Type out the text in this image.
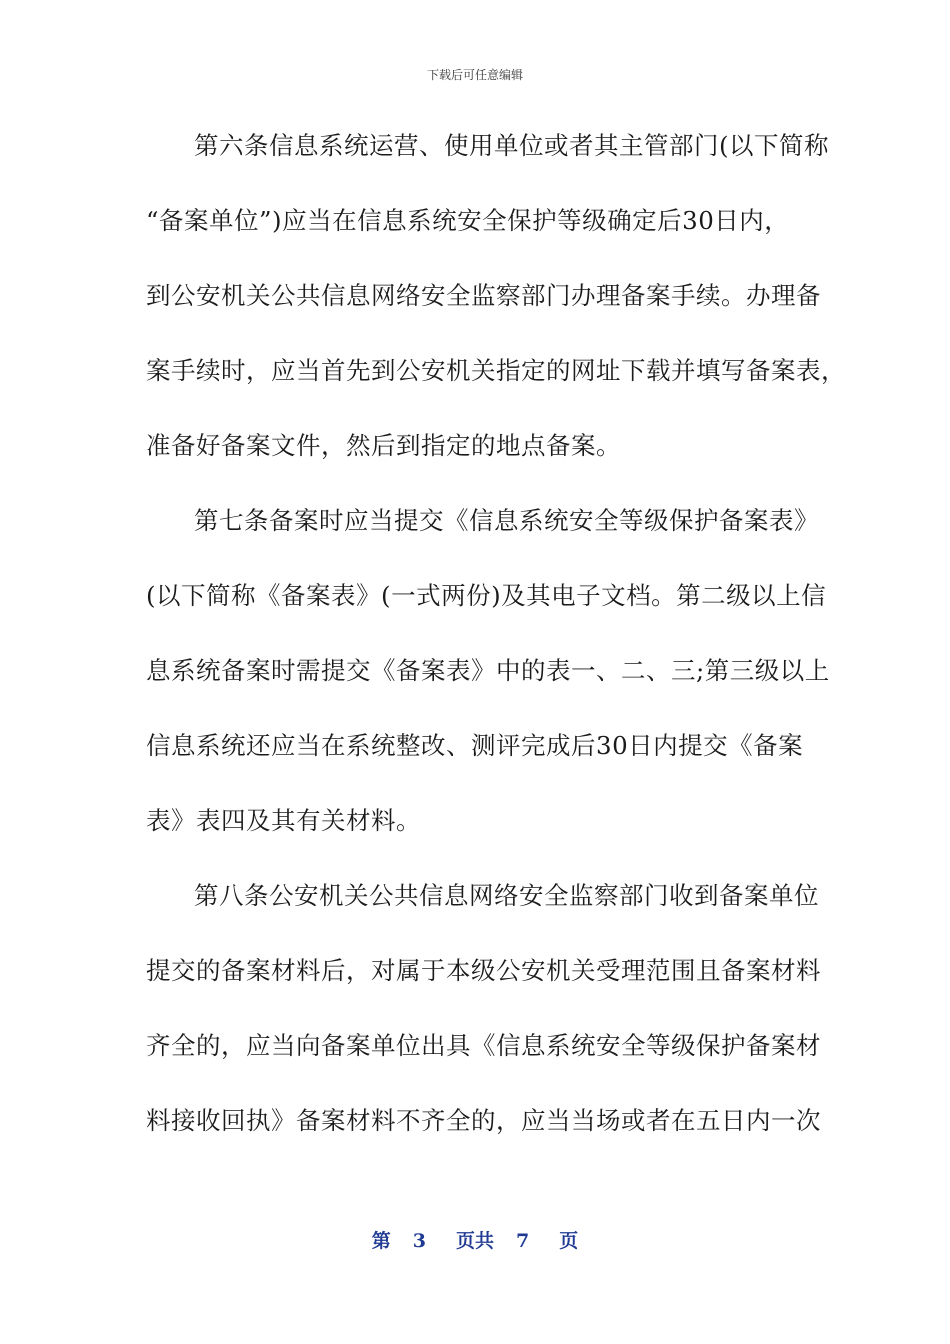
下载后可任意编辑
第六条信息系统运营、使用单位或者其主管部门(以下简称
“备案单位”)应当在信息系统安全保护等级确定后30日内，
到公安机关公共信息网络安全监察部门办理备案手续。办理备
案手续时，应当首先到公安机关指定的网址下载并填写备案表，
准备好备案文件，然后到指定的地点备案。
第七条备案时应当提交《信息系统安全等级保护备案表》
(以下简称《备案表》(一式两份)及其电子文档。第二级以上信
息系统备案时需提交《备案表》中的表一、二、三;第三级以上
信息系统还应当在系统整改、测评完成后30日内提交《备案
表》表四及其有关材料。
第八条公安机关公共信息网络安全监察部门收到备案单位
提交的备案材料后，对属于本级公安机关受理范围且备案材料
齐全的，应当向备案单位出具《信息系统安全等级保护备案材
料接收回执》备案材料不齐全的，应当当场或者在五日内一次
第 3 页共 7 页
